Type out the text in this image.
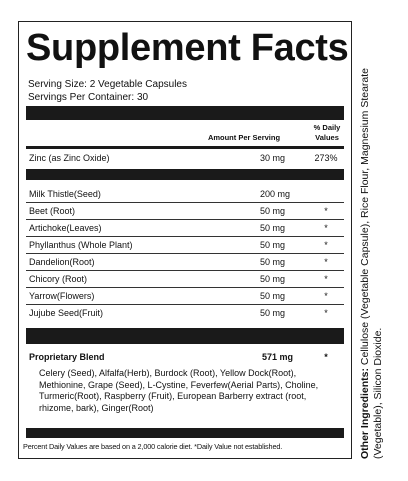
Supplement Facts
Serving Size: 2 Vegetable Capsules
Servings Per Container: 30
Amount Per Serving
% Daily
Values
Zinc (as Zinc Oxide)	30 mg	273%
Milk Thistle(Seed)	200 mg
Beet (Root)	50 mg	*
Artichoke(Leaves)	50 mg	*
Phyllanthus (Whole Plant)	50 mg	*
Dandelion(Root)	50 mg	*
Chicory (Root)	50 mg	*
Yarrow(Flowers)	50 mg	*
Jujube Seed(Fruit)	50 mg	*
Proprietary Blend	571 mg	*
Celery (Seed), Alfalfa(Herb), Burdock (Root), Yellow Dock(Root), Methionine, Grape (Seed), L-Cystine, Feverfew(Aerial Parts), Choline, Turmeric(Root), Raspberry (Fruit), European Barberry extract (root, rhizome, bark), Ginger(Root)
Percent Daily Values are based on a 2,000 calorie diet. *Daily Value not established.	Other Ingredients: Cellulose (Vegetable Capsule), Rice Flour, Magnesium Stearate (Vegetable), Silicon Dioxide.
